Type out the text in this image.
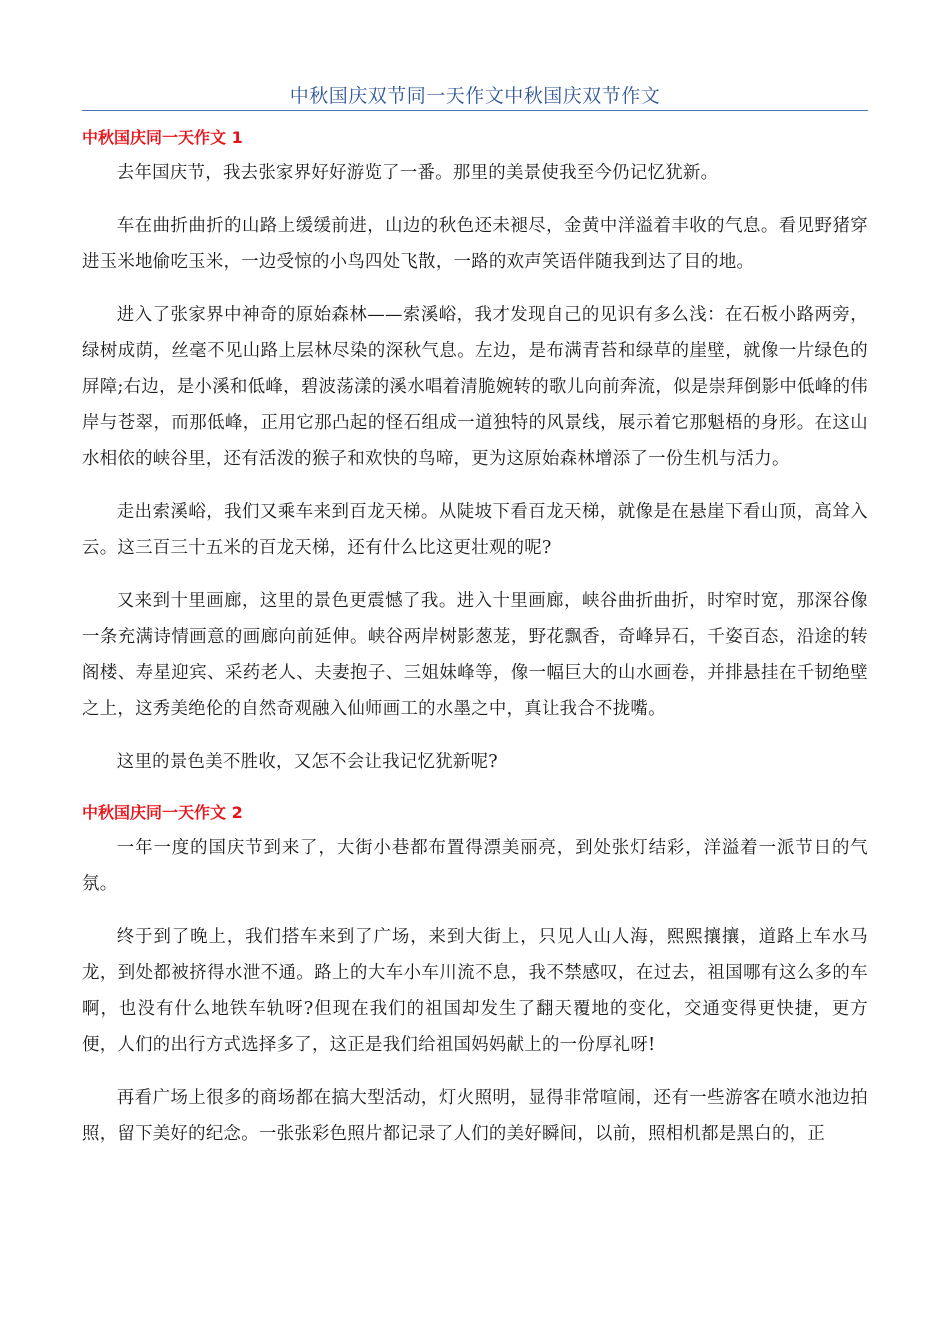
中秋国庆双节同一天作文中秋国庆双节作文
中秋国庆同一天作文 1

去年国庆节，我去张家界好好游览了一番。那里的美景使我至今仍记忆犹新。

车在曲折曲折的山路上缓缓前进，山边的秋色还未褪尽，金黄中洋溢着丰收的气息。看见野猪穿进玉米地偷吃玉米，一边受惊的小鸟四处飞散，一路的欢声笑语伴随我到达了目的地。

进入了张家界中神奇的原始森林——索溪峪，我才发现自己的见识有多么浅：在石板小路两旁，绿树成荫，丝毫不见山路上层林尽染的深秋气息。左边，是布满青苔和绿草的崖壁，就像一片绿色的屏障;右边，是小溪和低峰，碧波荡漾的溪水唱着清脆婉转的歌儿向前奔流，似是崇拜倒影中低峰的伟岸与苍翠，而那低峰，正用它那凸起的怪石组成一道独特的风景线，展示着它那魁梧的身形。在这山水相依的峡谷里，还有活泼的猴子和欢快的鸟啼，更为这原始森林增添了一份生机与活力。

走出索溪峪，我们又乘车来到百龙天梯。从陡坡下看百龙天梯，就像是在悬崖下看山顶，高耸入云。这三百三十五米的百龙天梯，还有什么比这更壮观的呢?

又来到十里画廊，这里的景色更震憾了我。进入十里画廊，峡谷曲折曲折，时窄时宽，那深谷像一条充满诗情画意的画廊向前延伸。峡谷两岸树影葱茏，野花飘香，奇峰异石，千姿百态，沿途的转阁楼、寿星迎宾、采药老人、夫妻抱子、三姐妹峰等，像一幅巨大的山水画卷，并排悬挂在千韧绝壁之上，这秀美绝伦的自然奇观融入仙师画工的水墨之中，真让我合不拢嘴。

这里的景色美不胜收，又怎不会让我记忆犹新呢?

中秋国庆同一天作文 2

一年一度的国庆节到来了，大街小巷都布置得漂美丽亮，到处张灯结彩，洋溢着一派节日的气氛。

终于到了晚上，我们搭车来到了广场，来到大街上，只见人山人海，熙熙攘攘，道路上车水马龙，到处都被挤得水泄不通。路上的大车小车川流不息，我不禁感叹，在过去，祖国哪有这么多的车啊，也没有什么地铁车轨呀?但现在我们的祖国却发生了翻天覆地的变化，交通变得更快捷，更方便，人们的出行方式选择多了，这正是我们给祖国妈妈献上的一份厚礼呀!

再看广场上很多的商场都在搞大型活动，灯火照明，显得非常喧闹，还有一些游客在喷水池边拍照，留下美好的纪念。一张张彩色照片都记录了人们的美好瞬间，以前，照相机都是黑白的，正
